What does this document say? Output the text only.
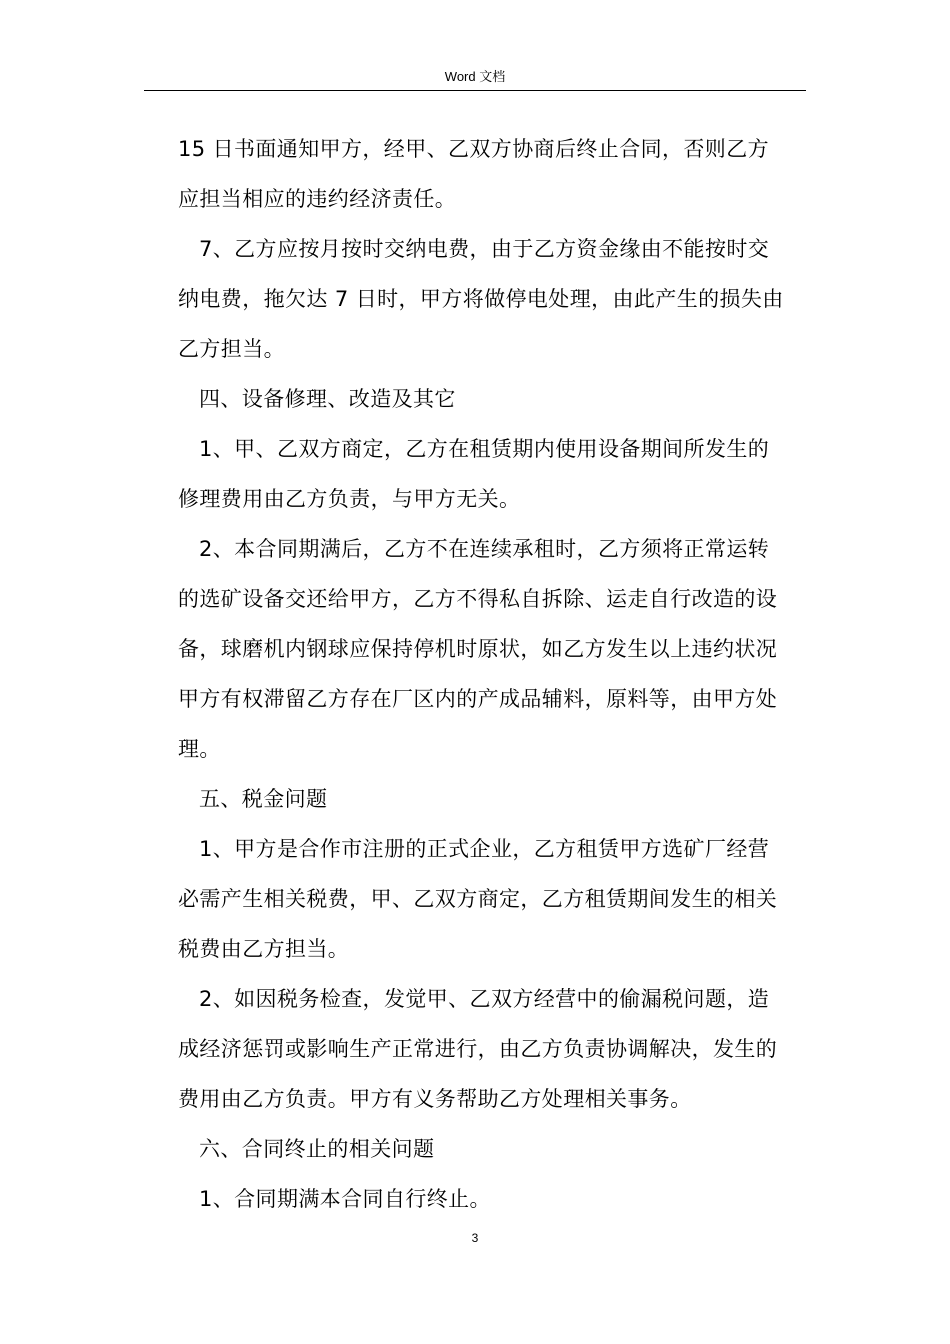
Word 文档
15 日书面通知甲方，经甲、乙双方协商后终止合同，否则乙方
应担当相应的违约经济责任。
7、乙方应按月按时交纳电费，由于乙方资金缘由不能按时交
纳电费，拖欠达 7 日时，甲方将做停电处理，由此产生的损失由
乙方担当。
四、设备修理、改造及其它
1、甲、乙双方商定，乙方在租赁期内使用设备期间所发生的
修理费用由乙方负责，与甲方无关。
2、本合同期满后，乙方不在连续承租时，乙方须将正常运转
的选矿设备交还给甲方，乙方不得私自拆除、运走自行改造的设
备，球磨机内钢球应保持停机时原状，如乙方发生以上违约状况
甲方有权滞留乙方存在厂区内的产成品辅料，原料等，由甲方处
理。
五、税金问题
1、甲方是合作市注册的正式企业，乙方租赁甲方选矿厂经营
必需产生相关税费，甲、乙双方商定，乙方租赁期间发生的相关
税费由乙方担当。
2、如因税务检查，发觉甲、乙双方经营中的偷漏税问题，造
成经济惩罚或影响生产正常进行，由乙方负责协调解决，发生的
费用由乙方负责。甲方有义务帮助乙方处理相关事务。
六、合同终止的相关问题
1、合同期满本合同自行终止。
3
